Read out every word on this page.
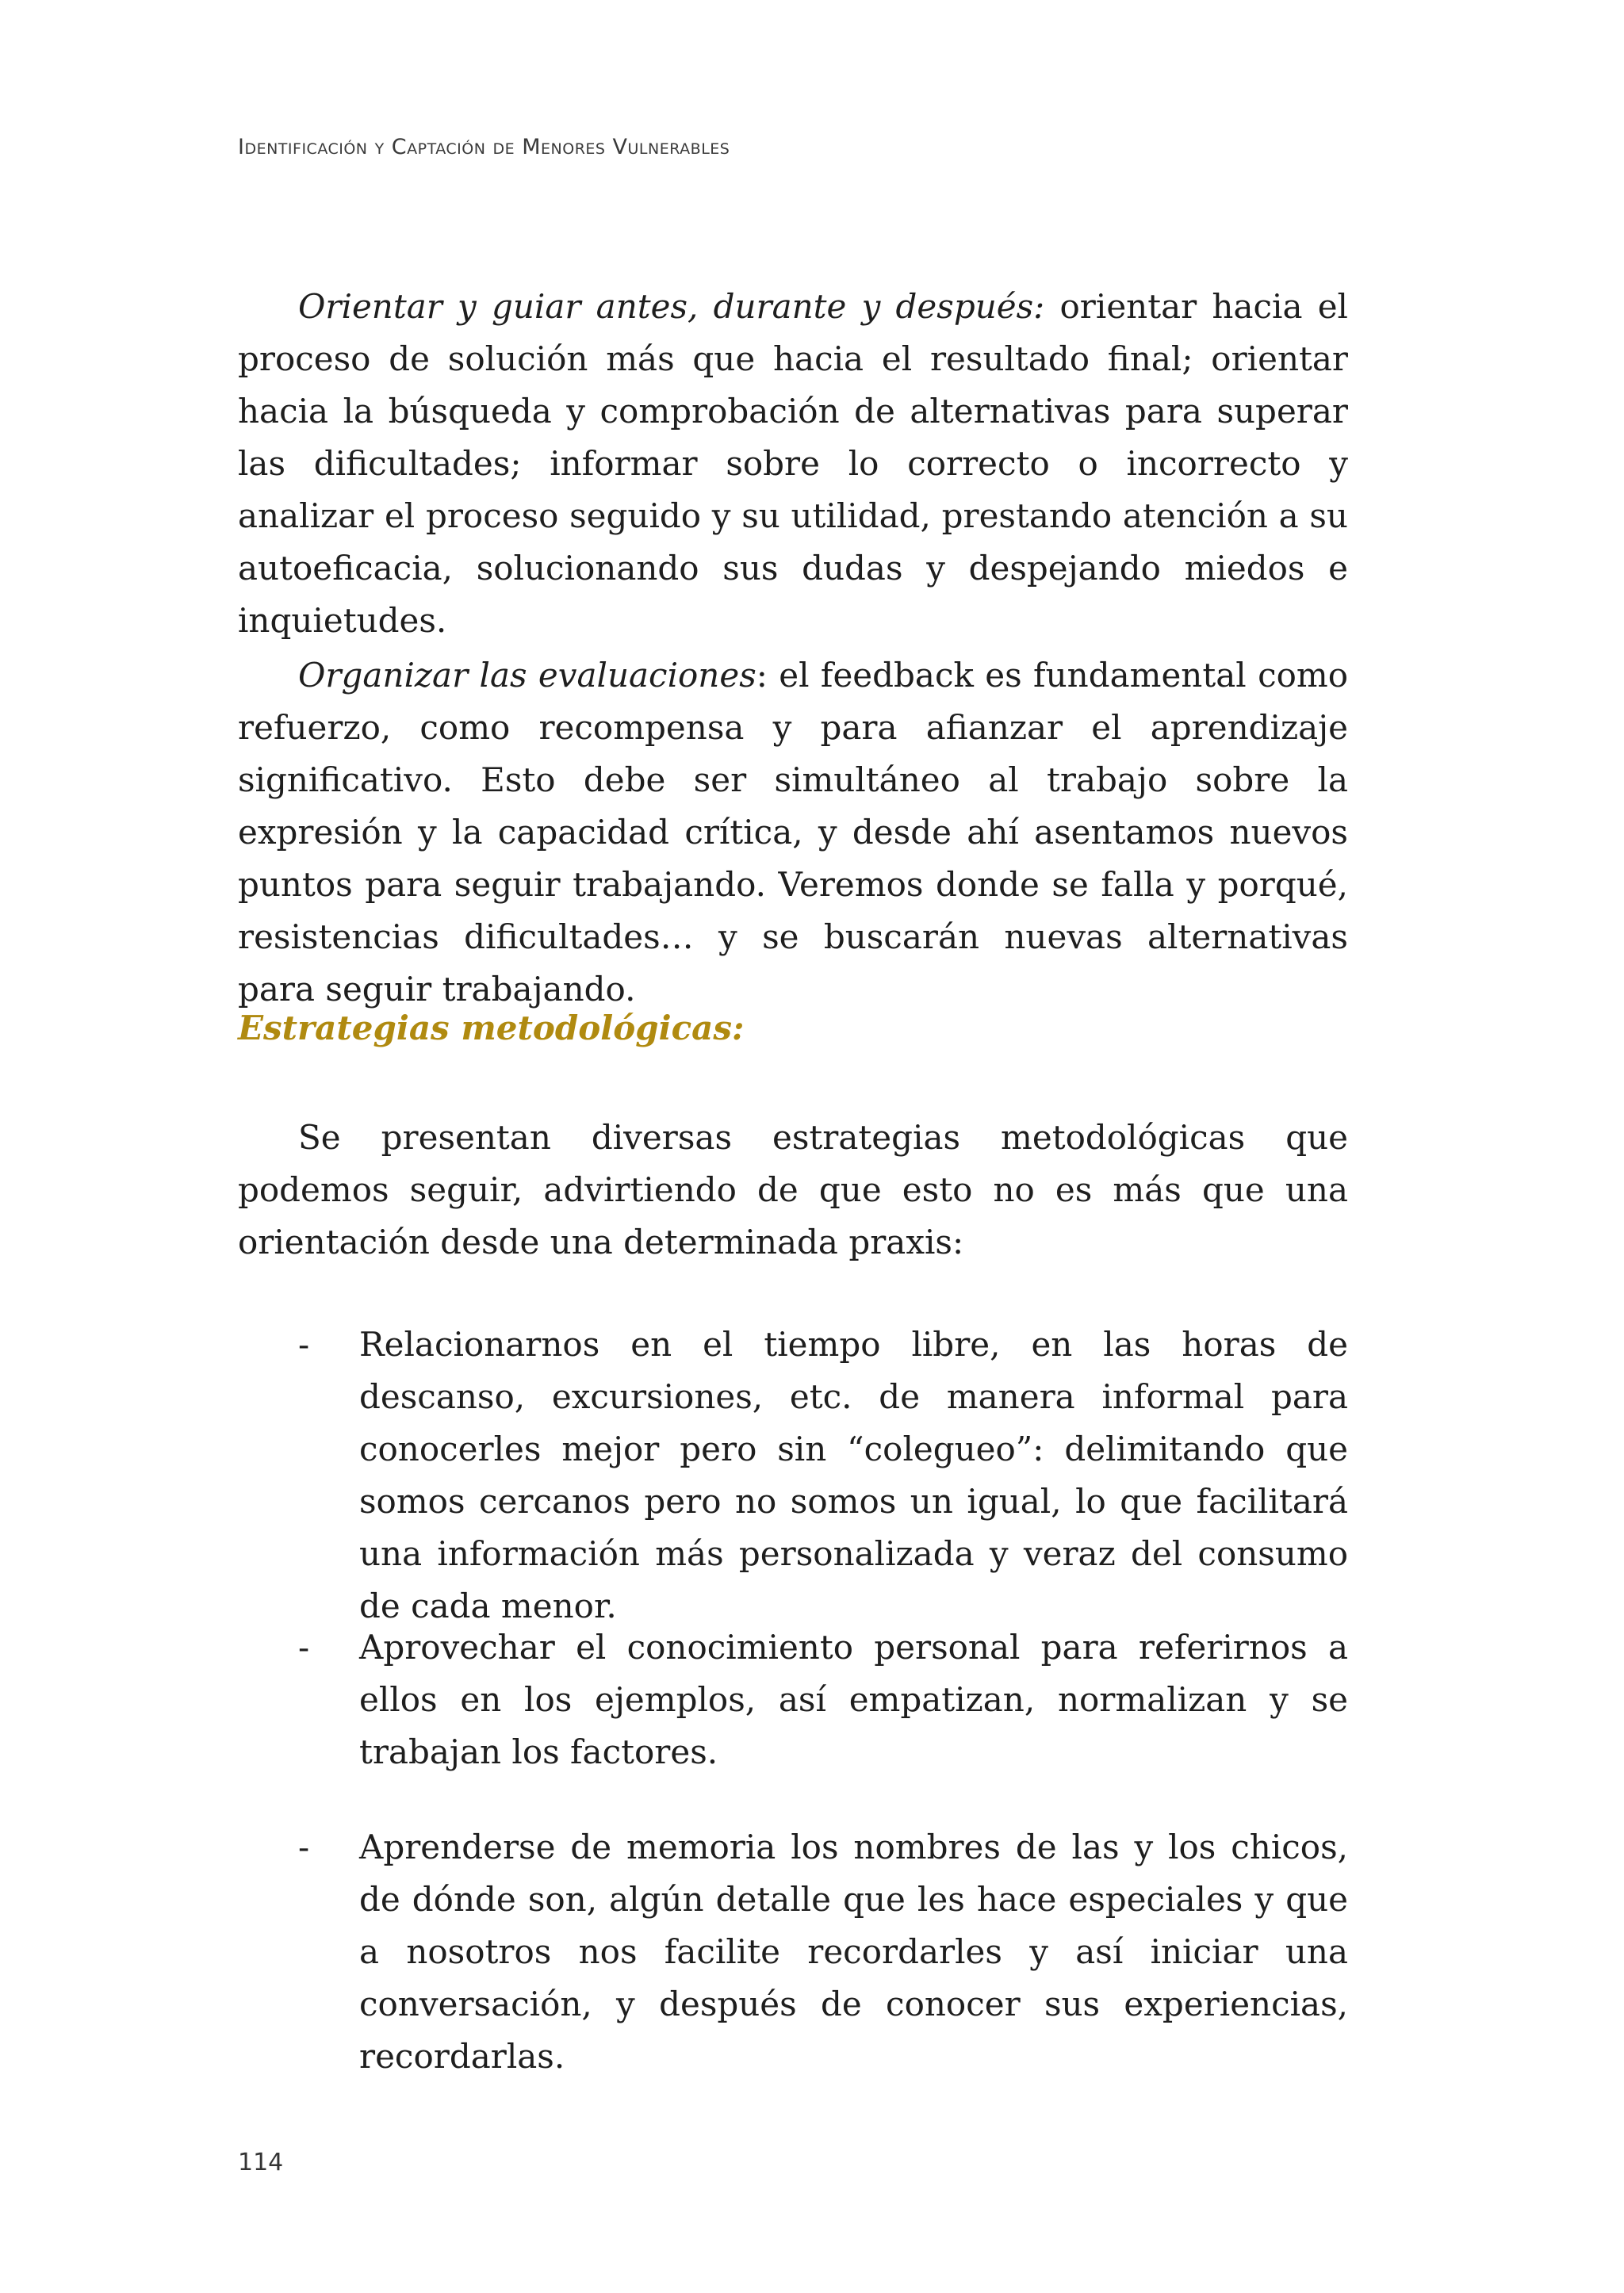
Identificación y Captación de Menores Vulnerables

Orientar y guiar antes, durante y después: orientar hacia el proceso de solución más que hacia el resultado final; orientar hacia la búsqueda y comprobación de alternativas para superar las dificultades; informar sobre lo correcto o incorrecto y analizar el proceso seguido y su utilidad, prestando atención a su autoeficacia, solucionando sus dudas y despejando miedos e inquietudes.

Organizar las evaluaciones: el feedback es fundamental como refuerzo, como recompensa y para afianzar el aprendizaje significativo. Esto debe ser simultáneo al trabajo sobre la expresión y la capacidad crítica, y desde ahí asentamos nuevos puntos para seguir trabajando. Veremos donde se falla y porqué, resistencias dificultades… y se buscarán nuevas alternativas para seguir trabajando.

Estrategias metodológicas:

Se presentan diversas estrategias metodológicas que podemos seguir, advirtiendo de que esto no es más que una orientación desde una determinada praxis:

- Relacionarnos en el tiempo libre, en las horas de descanso, excursiones, etc. de manera informal para conocerles mejor pero sin “colegueo”: delimitando que somos cercanos pero no somos un igual, lo que facilitará una información más personalizada y veraz del consumo de cada menor.
- Aprovechar el conocimiento personal para referirnos a ellos en los ejemplos, así empatizan, normalizan y se trabajan los factores.
- Aprenderse de memoria los nombres de las y los chicos, de dónde son, algún detalle que les hace especiales y que a nosotros nos facilite recordarles y así iniciar una conversación, y después de conocer sus experiencias, recordarlas.
114
